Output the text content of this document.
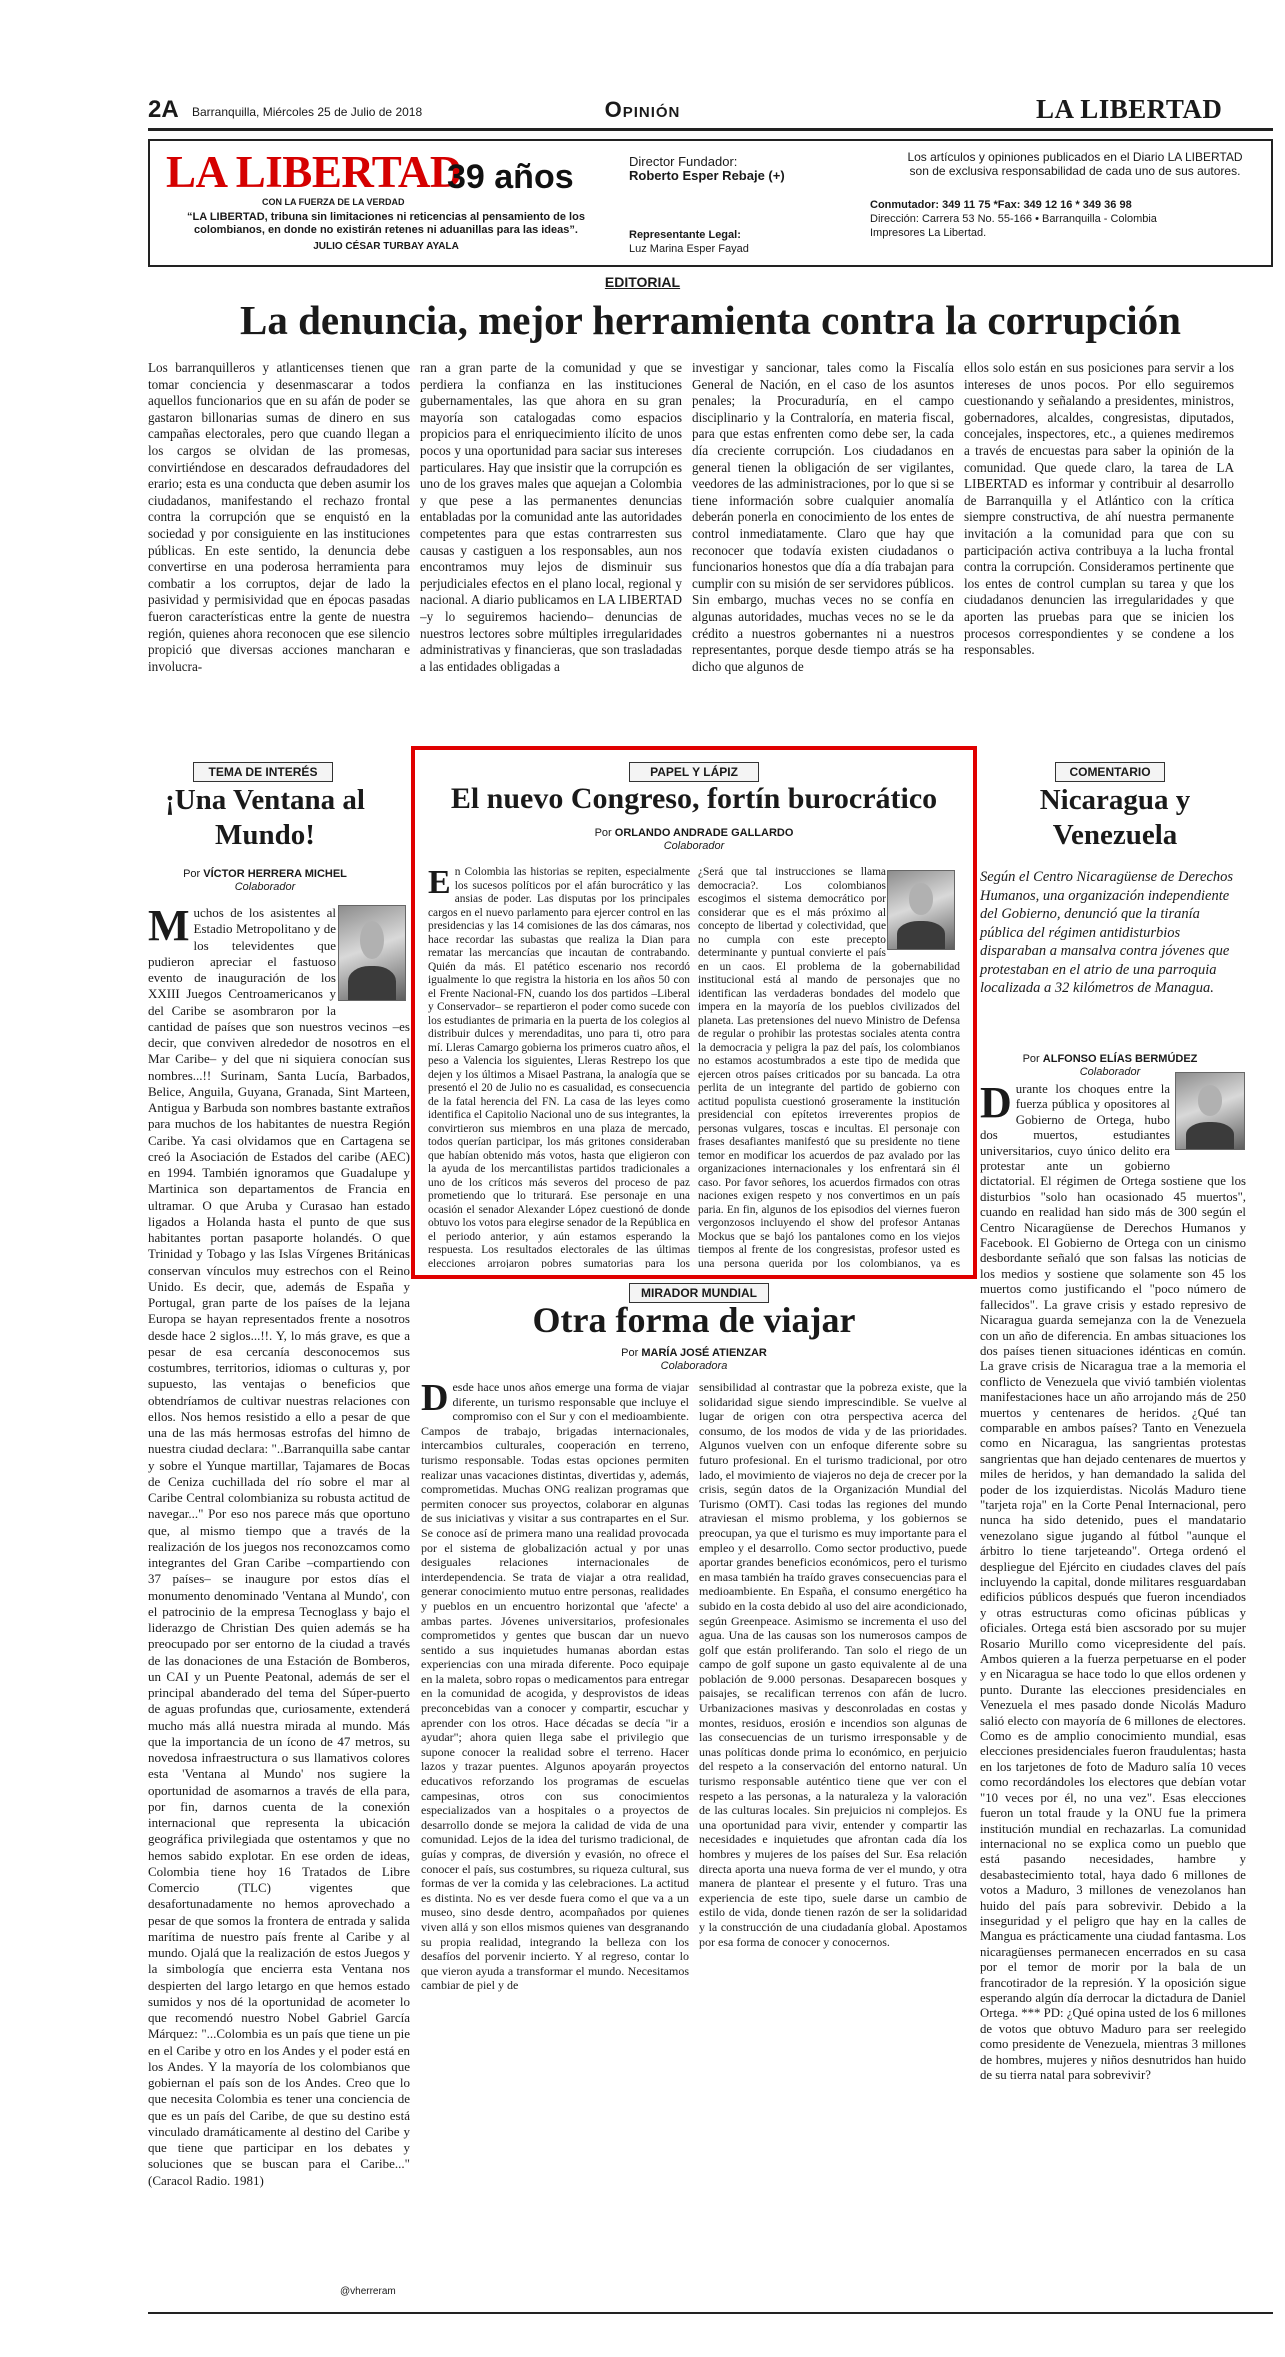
2A Barranquilla, Miércoles 25 de Julio de 2018	Opinión	LA LIBERTAD
LA LIBERTAD
39 años
CON LA FUERZA DE LA VERDAD
“LA LIBERTAD, tribuna sin limitaciones ni reticencias al pensamiento de los colombianos, en donde no existirán retenes ni aduanillas para las ideas”.
JULIO CÉSAR TURBAY AYALA
Director Fundador:
Roberto Esper Rebaje (+)
Representante Legal:
Luz Marina Esper Fayad
Los artículos y opiniones publicados en el Diario LA LIBERTAD son de exclusiva responsabilidad de cada uno de sus autores.
Conmutador: 349 11 75 *Fax: 349 12 16 * 349 36 98
Dirección: Carrera 53 No. 55-166 • Barranquilla - Colombia
Impresores La Libertad.
EDITORIAL
La denuncia, mejor herramienta contra la corrupción

Los barranquilleros y atlanticenses tienen que tomar conciencia y desenmascarar a todos aquellos funcionarios que en su afán de poder se gastaron billonarias sumas de dinero en sus campañas electorales, pero que cuando llegan a los cargos se olvidan de las promesas, convirtiéndose en descarados defraudadores del erario; esta es una conducta que deben asumir los ciudadanos, manifestando el rechazo frontal contra la corrupción que se enquistó en la sociedad y por consiguiente en las instituciones públicas. En este sentido, la denuncia debe convertirse en una poderosa herramienta para combatir a los corruptos, dejar de lado la pasividad y permisividad que en épocas pasadas fueron características entre la gente de nuestra región, quienes ahora reconocen que ese silencio propició que diversas acciones mancharan e involucra-

ran a gran parte de la comunidad y que se perdiera la confianza en las instituciones gubernamentales, las que ahora en su gran mayoría son catalogadas como espacios propicios para el enriquecimiento ilícito de unos pocos y una oportunidad para saciar sus intereses particulares. Hay que insistir que la corrupción es uno de los graves males que aquejan a Colombia y que pese a las permanentes denuncias entabladas por la comunidad ante las autoridades competentes para que estas contrarresten sus causas y castiguen a los responsables, aun nos encontramos muy lejos de disminuir sus perjudiciales efectos en el plano local, regional y nacional. A diario publicamos en LA LIBERTAD –y lo seguiremos haciendo– denuncias de nuestros lectores sobre múltiples irregularidades administrativas y financieras, que son trasladadas a las entidades obligadas a

investigar y sancionar, tales como la Fiscalía General de Nación, en el caso de los asuntos penales; la Procuraduría, en el campo disciplinario y la Contraloría, en materia fiscal, para que estas enfrenten como debe ser, la cada día creciente corrupción. Los ciudadanos en general tienen la obligación de ser vigilantes, veedores de las administraciones, por lo que si se tiene información sobre cualquier anomalía deberán ponerla en conocimiento de los entes de control inmediatamente. Claro que hay que reconocer que todavía existen ciudadanos o funcionarios honestos que día a día trabajan para cumplir con su misión de ser servidores públicos. Sin embargo, muchas veces no se confía en algunas autoridades, muchas veces no se le da crédito a nuestros gobernantes ni a nuestros representantes, porque desde tiempo atrás se ha dicho que algunos de

ellos solo están en sus posiciones para servir a los intereses de unos pocos. Por ello seguiremos cuestionando y señalando a presidentes, ministros, gobernadores, alcaldes, congresistas, diputados, concejales, inspectores, etc., a quienes mediremos a través de encuestas para saber la opinión de la comunidad. Que quede claro, la tarea de LA LIBERTAD es informar y contribuir al desarrollo de Barranquilla y el Atlántico con la crítica siempre constructiva, de ahí nuestra permanente invitación a la comunidad para que con su participación activa contribuya a la lucha frontal contra la corrupción. Consideramos pertinente que los entes de control cumplan su tarea y que los ciudadanos denuncien las irregularidades y que aporten las pruebas para que se inicien los procesos correspondientes y se condene a los responsables.

TEMA DE INTERÉS
¡Una Ventana al Mundo!
Por VÍCTOR HERRERA MICHEL
Colaborador
Muchos de los asistentes al Estadio Metropolitano y de los televidentes que pudieron apreciar el fastuoso evento de inauguración de los XXIII Juegos Centroamericanos y del Caribe se asombraron por la cantidad de países que son nuestros vecinos –es decir, que conviven alrededor de nosotros en el Mar Caribe– y del que ni siquiera conocían sus nombres...!! Surinam, Santa Lucía, Barbados, Belice, Anguila, Guyana, Granada, Sint Marteen, Antigua y Barbuda son nombres bastante extraños para muchos de los habitantes de nuestra Región Caribe. Ya casi olvidamos que en Cartagena se creó la Asociación de Estados del caribe (AEC) en 1994. También ignoramos que Guadalupe y Martinica son departamentos de Francia en ultramar. O que Aruba y Curasao han estado ligados a Holanda hasta el punto de que sus habitantes portan pasaporte holandés. O que Trinidad y Tobago y las Islas Vírgenes Británicas conservan vínculos muy estrechos con el Reino Unido. Es decir, que, además de España y Portugal, gran parte de los países de la lejana Europa se hayan representados frente a nosotros desde hace 2 siglos...!!. Y, lo más grave, es que a pesar de esa cercanía desconocemos sus costumbres, territorios, idiomas o culturas y, por supuesto, las ventajas o beneficios que obtendríamos de cultivar nuestras relaciones con ellos. Nos hemos resistido a ello a pesar de que una de las más hermosas estrofas del himno de nuestra ciudad declara: "..Barranquilla sabe cantar y sobre el Yunque martillar, Tajamares de Bocas de Ceniza cuchillada del río sobre el mar al Caribe Central colombianiza su robusta actitud de navegar..." Por eso nos parece más que oportuno que, al mismo tiempo que a través de la realización de los juegos nos reconozcamos como integrantes del Gran Caribe –compartiendo con 37 países– se inaugure por estos días el monumento denominado 'Ventana al Mundo', con el patrocinio de la empresa Tecnoglass y bajo el liderazgo de Christian Des quien además se ha preocupado por ser entorno de la ciudad a través de las donaciones de una Estación de Bomberos, un CAI y un Puente Peatonal, además de ser el principal abanderado del tema del Súper-puerto de aguas profundas que, curiosamente, extenderá mucho más allá nuestra mirada al mundo. Más que la importancia de un ícono de 47 metros, su novedosa infraestructura o sus llamativos colores esta 'Ventana al Mundo' nos sugiere la oportunidad de asomarnos a través de ella para, por fin, darnos cuenta de la conexión internacional que representa la ubicación geográfica privilegiada que ostentamos y que no hemos sabido explotar. En ese orden de ideas, Colombia tiene hoy 16 Tratados de Libre Comercio (TLC) vigentes que desafortunadamente no hemos aprovechado a pesar de que somos la frontera de entrada y salida marítima de nuestro país frente al Caribe y al mundo. Ojalá que la realización de estos Juegos y la simbología que encierra esta Ventana nos despierten del largo letargo en que hemos estado sumidos y nos dé la oportunidad de acometer lo que recomendó nuestro Nobel Gabriel García Márquez: "...Colombia es un país que tiene un pie en el Caribe y otro en los Andes y el poder está en los Andes. Y la mayoría de los colombianos que gobiernan el país son de los Andes. Creo que lo que necesita Colombia es tener una conciencia de que es un país del Caribe, de que su destino está vinculado dramáticamente al destino del Caribe y que tiene que participar en los debates y soluciones que se buscan para el Caribe..." (Caracol Radio. 1981)
@vherreram
PAPEL Y LÁPIZ
El nuevo Congreso, fortín burocrático
Por ORLANDO ANDRADE GALLARDO
Colaborador
En Colombia las historias se repiten, especialmente los sucesos políticos por el afán burocrático y las ansias de poder. Las disputas por los principales cargos en el nuevo parlamento para ejercer control en las presidencias y las 14 comisiones de las dos cámaras, nos hace recordar las subastas que realiza la Dian para rematar las mercancías que incautan de contrabando. Quién da más. El patético escenario nos recordó igualmente lo que registra la historia en los años 50 con el Frente Nacional-FN, cuando los dos partidos –Liberal y Conservador– se repartieron el poder como sucede con los estudiantes de primaria en la puerta de los colegios al distribuir dulces y merendaditas, uno para ti, otro para mí. Lleras Camargo gobierna los primeros cuatro años, el peso a Valencia los siguientes, Lleras Restrepo los que dejen y los últimos a Misael Pastrana, la analogía que se presentó el 20 de Julio no es casualidad, es consecuencia de la fatal herencia del FN. La casa de las leyes como identifica el Capitolio Nacional uno de sus integrantes, la convirtieron sus miembros en una plaza de mercado, todos querían participar, los más gritones consideraban que habían obtenido más votos, hasta que eligieron con la ayuda de los mercantilistas partidos tradicionales a uno de los críticos más severos del proceso de paz prometiendo que lo triturará. Ese personaje en una ocasión el senador Alexander López cuestionó de donde obtuvo los votos para elegirse senador de la República en el periodo anterior, y aún estamos esperando la respuesta. Los resultados electorales de las últimas elecciones arrojaron pobres sumatorias para los
¿Será que tal instrucciones se llama democracia?. Los colombianos escogimos el sistema democrático por considerar que es el más próximo al concepto de libertad y colectividad, que no cumpla con este precepto determinante y puntual convierte el país en un caos. El problema de la gobernabilidad institucional está al mando de personajes que no identifican las verdaderas bondades del modelo que impera en la mayoría de los pueblos civilizados del planeta. Las pretensiones del nuevo Ministro de Defensa de regular o prohibir las protestas sociales atenta contra la democracia y peligra la paz del país, los colombianos no estamos acostumbrados a este tipo de medida que ejercen otros países criticados por su bancada. La otra perlita de un integrante del partido de gobierno con actitud populista cuestionó groseramente la institución presidencial con epítetos irreverentes propios de personas vulgares, toscas e incultas. El personaje con frases desafiantes manifestó que su presidente no tiene temor en modificar los acuerdos de paz avalado por las organizaciones internacionales y los enfrentará sin él caso. Por favor señores, los acuerdos firmados con otras naciones exigen respeto y nos convertimos en un país paria. En fin, algunos de los episodios del viernes fueron vergonzosos incluyendo el show del profesor Antanas Mockus que se bajó los pantalones como en los viejos tiempos al frente de los congresistas, profesor usted es una persona querida por los colombianos, ya es
MIRADOR MUNDIAL
Otra forma de viajar
Por MARÍA JOSÉ ATIENZAR
Colaboradora
Desde hace unos años emerge una forma de viajar diferente, un turismo responsable que incluye el compromiso con el Sur y con el medioambiente. Campos de trabajo, brigadas internacionales, intercambios culturales, cooperación en terreno, turismo responsable. Todas estas opciones permiten realizar unas vacaciones distintas, divertidas y, además, comprometidas. Muchas ONG realizan programas que permiten conocer sus proyectos, colaborar en algunas de sus iniciativas y visitar a sus contrapartes en el Sur. Se conoce así de primera mano una realidad provocada por el sistema de globalización actual y por unas desiguales relaciones internacionales de interdependencia. Se trata de viajar a otra realidad, generar conocimiento mutuo entre personas, realidades y pueblos en un encuentro horizontal que 'afecte' a ambas partes. Jóvenes universitarios, profesionales comprometidos y gentes que buscan dar un nuevo sentido a sus inquietudes humanas abordan estas experiencias con una mirada diferente. Poco equipaje en la maleta, sobro ropas o medicamentos para entregar en la comunidad de acogida, y desprovistos de ideas preconcebidas van a conocer y compartir, escuchar y aprender con los otros. Hace décadas se decía "ir a ayudar"; ahora quien llega sabe el privilegio que supone conocer la realidad sobre el terreno. Hacer lazos y trazar puentes. Algunos apoyarán proyectos educativos reforzando los programas de escuelas campesinas, otros con sus conocimientos especializados van a hospitales o a proyectos de desarrollo donde se mejora la calidad de vida de una comunidad. Lejos de la idea del turismo tradicional, de guías y compras, de diversión y evasión, no ofrece el conocer el país, sus costumbres, su riqueza cultural, sus formas de ver la comida y las celebraciones. La actitud es distinta. No es ver desde fuera como el que va a un museo, sino desde dentro, acompañados por quienes viven allá y son ellos mismos quienes van desgranando su propia realidad, integrando la belleza con los desafíos del porvenir incierto. Y al regreso, contar lo que vieron ayuda a transformar el mundo. Necesitamos cambiar de piel y de
sensibilidad al contrastar que la pobreza existe, que la solidaridad sigue siendo imprescindible. Se vuelve al lugar de origen con otra perspectiva acerca del consumo, de los modos de vida y de las prioridades. Algunos vuelven con un enfoque diferente sobre su futuro profesional. En el turismo tradicional, por otro lado, el movimiento de viajeros no deja de crecer por la crisis, según datos de la Organización Mundial del Turismo (OMT). Casi todas las regiones del mundo atraviesan el mismo problema, y los gobiernos se preocupan, ya que el turismo es muy importante para el empleo y el desarrollo. Como sector productivo, puede aportar grandes beneficios económicos, pero el turismo en masa también ha traído graves consecuencias para el medioambiente. En España, el consumo energético ha subido en la costa debido al uso del aire acondicionado, según Greenpeace. Asimismo se incrementa el uso del agua. Una de las causas son los numerosos campos de golf que están proliferando. Tan solo el riego de un campo de golf supone un gasto equivalente al de una población de 9.000 personas. Desaparecen bosques y paisajes, se recalifican terrenos con afán de lucro. Urbanizaciones masivas y desconroladas en costas y montes, residuos, erosión e incendios son algunas de las consecuencias de un turismo irresponsable y de unas políticas donde prima lo económico, en perjuicio del respeto a la conservación del entorno natural. Un turismo responsable auténtico tiene que ver con el respeto a las personas, a la naturaleza y la valoración de las culturas locales. Sin prejuicios ni complejos. Es una oportunidad para vivir, entender y compartir las necesidades e inquietudes que afrontan cada día los hombres y mujeres de los países del Sur. Esa relación directa aporta una nueva forma de ver el mundo, y otra manera de plantear el presente y el futuro. Tras una experiencia de este tipo, suele darse un cambio de estilo de vida, donde tienen razón de ser la solidaridad y la construcción de una ciudadanía global. Apostamos por esa forma de conocer y conocernos.
COMENTARIO
Nicaragua y Venezuela
Según el Centro Nicaragüense de Derechos Humanos, una organización independiente del Gobierno, denunció que la tiranía pública del régimen antidisturbios disparaban a mansalva contra jóvenes que protestaban en el atrio de una parroquia localizada a 32 kilómetros de Managua.
Por ALFONSO ELÍAS BERMÚDEZ
Colaborador
Durante los choques entre la fuerza pública y opositores al Gobierno de Ortega, hubo dos muertos, estudiantes universitarios, cuyo único delito era protestar ante un gobierno dictatorial. El régimen de Ortega sostiene que los disturbios "solo han ocasionado 45 muertos", cuando en realidad han sido más de 300 según el Centro Nicaragüense de Derechos Humanos y Facebook. El Gobierno de Ortega con un cinismo desbordante señaló que son falsas las noticias de los medios y sostiene que solamente son 45 los muertos como justificando el "poco número de fallecidos". La grave crisis y estado represivo de Nicaragua guarda semejanza con la de Venezuela con un año de diferencia. En ambas situaciones los dos países tienen situaciones idénticas en común. La grave crisis de Nicaragua trae a la memoria el conflicto de Venezuela que vivió también violentas manifestaciones hace un año arrojando más de 250 muertos y centenares de heridos. ¿Qué tan comparable en ambos países? Tanto en Venezuela como en Nicaragua, las sangrientas protestas sangrientas que han dejado centenares de muertos y miles de heridos, y han demandado la salida del poder de los izquierdistas. Nicolás Maduro tiene "tarjeta roja" en la Corte Penal Internacional, pero nunca ha sido detenido, pues el mandatario venezolano sigue jugando al fútbol "aunque el árbitro lo tiene tarjeteando". Ortega ordenó el despliegue del Ejército en ciudades claves del país incluyendo la capital, donde militares resguardaban edificios públicos después que fueron incendiados y otras estructuras como oficinas públicas y oficiales. Ortega está bien ascsorado por su mujer Rosario Murillo como vicepresidente del país. Ambos quieren a la fuerza perpetuarse en el poder y en Nicaragua se hace todo lo que ellos ordenen y punto. Durante las elecciones presidenciales en Venezuela el mes pasado donde Nicolás Maduro salió electo con mayoría de 6 millones de electores. Como es de amplio conocimiento mundial, esas elecciones presidenciales fueron fraudulentas; hasta en los tarjetones de foto de Maduro salía 10 veces como recordándoles los electores que debían votar "10 veces por él, no una vez". Esas elecciones fueron un total fraude y la ONU fue la primera institución mundial en rechazarlas. La comunidad internacional no se explica como un pueblo que está pasando necesidades, hambre y desabastecimiento total, haya dado 6 millones de votos a Maduro, 3 millones de venezolanos han huido del país para sobrevivir. Debido a la inseguridad y el peligro que hay en la calles de Mangua es prácticamente una ciudad fantasma. Los nicaragüenses permanecen encerrados en su casa por el temor de morir por la bala de un francotirador de la represión. Y la oposición sigue esperando algún día derrocar la dictadura de Daniel Ortega. *** PD: ¿Qué opina usted de los 6 millones de votos que obtuvo Maduro para ser reelegido como presidente de Venezuela, mientras 3 millones de hombres, mujeres y niños desnutridos han huido de su tierra natal para sobrevivir?
